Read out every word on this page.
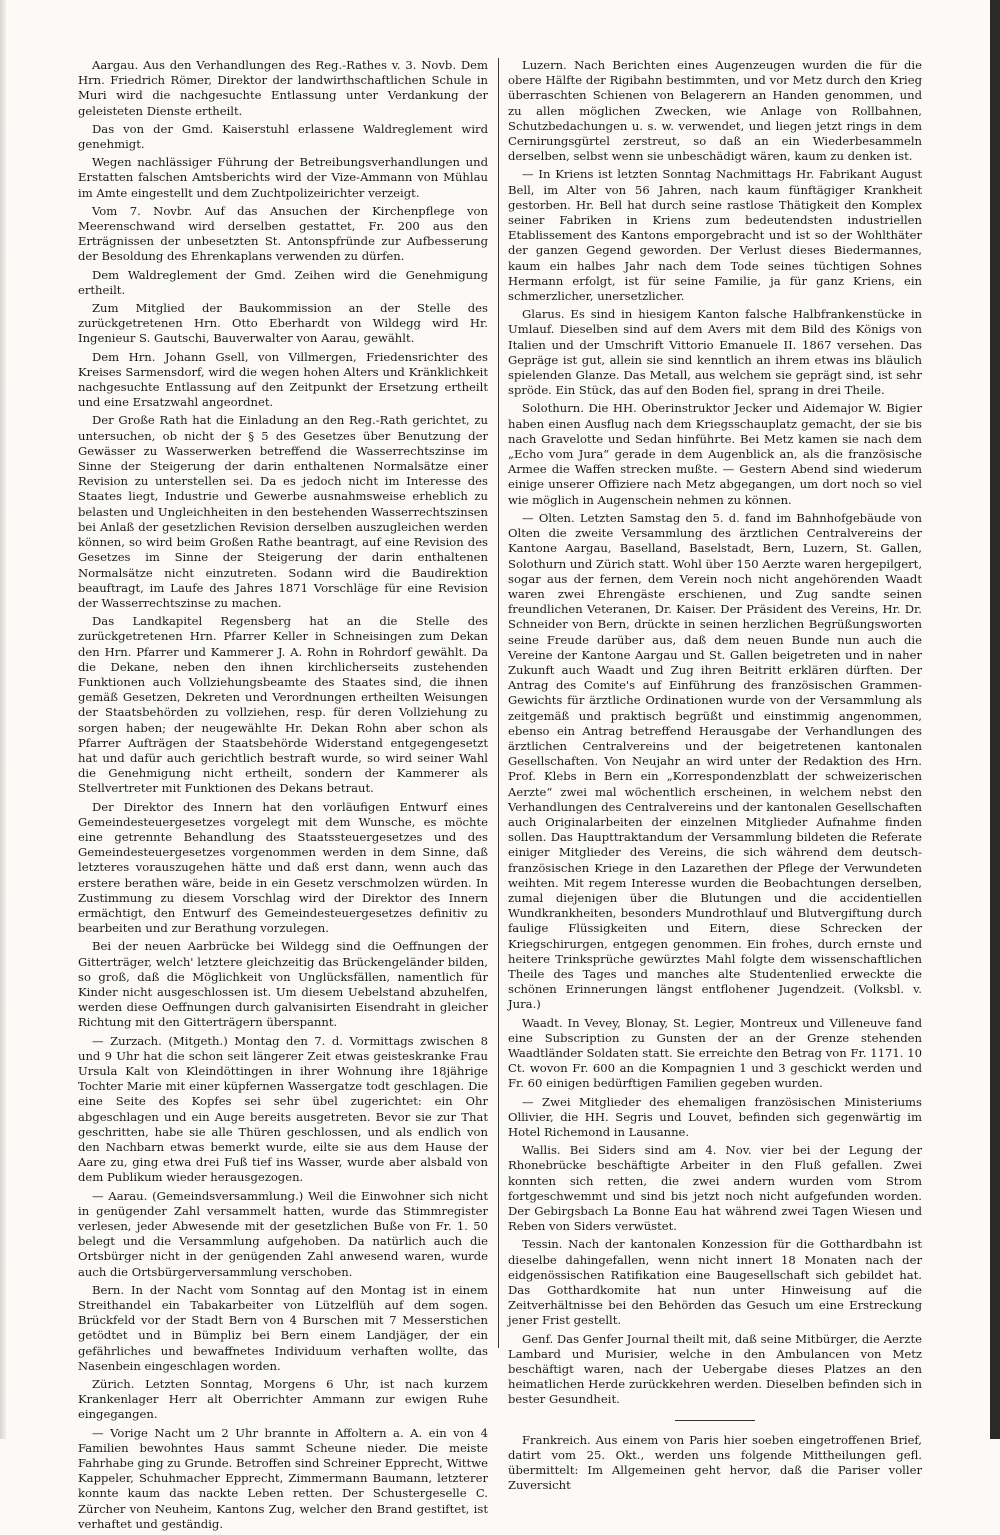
Aargau. Aus den Verhandlungen des Reg.-Rathes v. 3. Novb. Dem Hrn. Friedrich Römer, Direktor der landwirthschaftlichen Schule in Muri wird die nachgesuchte Entlassung unter Verdankung der geleisteten Dienste ertheilt.

Das von der Gmd. Kaiserstuhl erlassene Waldreglement wird genehmigt.

Wegen nachlässiger Führung der Betreibungsverhandlungen und Erstatten falschen Amtsberichts wird der Vize-Ammann von Mühlau im Amte eingestellt und dem Zuchtpolizeirichter verzeigt.

Vom 7. Novbr. Auf das Ansuchen der Kirchenpflege von Meerenschwand wird derselben gestattet, Fr. 200 aus den Erträgnissen der unbesetzten St. Antonspfründe zur Aufbesserung der Besoldung des Ehrenkaplans verwenden zu dürfen.

Dem Waldreglement der Gmd. Zeihen wird die Genehmigung ertheilt.

Zum Mitglied der Baukommission an der Stelle des zurückgetretenen Hrn. Otto Eberhardt von Wildegg wird Hr. Ingenieur S. Gautschi, Bauverwalter von Aarau, gewählt.

Dem Hrn. Johann Gsell, von Villmergen, Friedensrichter des Kreises Sarmensdorf, wird die wegen hohen Alters und Kränklichkeit nachgesuchte Entlassung auf den Zeitpunkt der Ersetzung ertheilt und eine Ersatzwahl angeordnet.

Der Große Rath hat die Einladung an den Reg.-Rath gerichtet, zu untersuchen, ob nicht der § 5 des Gesetzes über Benutzung der Gewässer zu Wasserwerken betreffend die Wasserrechtszinse im Sinne der Steigerung der darin enthaltenen Normalsätze einer Revision zu unterstellen sei. Da es jedoch nicht im Interesse des Staates liegt, Industrie und Gewerbe ausnahmsweise erheblich zu belasten und Ungleichheiten in den bestehenden Wasserrechtszinsen bei Anlaß der gesetzlichen Revision derselben auszugleichen werden können, so wird beim Großen Rathe beantragt, auf eine Revision des Gesetzes im Sinne der Steigerung der darin enthaltenen Normalsätze nicht einzutreten. Sodann wird die Baudirektion beauftragt, im Laufe des Jahres 1871 Vorschläge für eine Revision der Wasserrechtszinse zu machen.

Das Landkapitel Regensberg hat an die Stelle des zurückgetretenen Hrn. Pfarrer Keller in Schneisingen zum Dekan den Hrn. Pfarrer und Kammerer J. A. Rohn in Rohrdorf gewählt. Da die Dekane, neben den ihnen kirchlicherseits zustehenden Funktionen auch Vollziehungsbeamte des Staates sind, die ihnen gemäß Gesetzen, Dekreten und Verordnungen ertheilten Weisungen der Staatsbehörden zu vollziehen, resp. für deren Vollziehung zu sorgen haben; der neugewählte Hr. Dekan Rohn aber schon als Pfarrer Aufträgen der Staatsbehörde Widerstand entgegengesetzt hat und dafür auch gerichtlich bestraft wurde, so wird seiner Wahl die Genehmigung nicht ertheilt, sondern der Kammerer als Stellvertreter mit Funktionen des Dekans betraut.

Der Direktor des Innern hat den vorläufigen Entwurf eines Gemeindesteuergesetzes vorgelegt mit dem Wunsche, es möchte eine getrennte Behandlung des Staatssteuergesetzes und des Gemeindesteuergesetzes vorgenommen werden in dem Sinne, daß letzteres vorauszugehen hätte und daß erst dann, wenn auch das erstere berathen wäre, beide in ein Gesetz verschmolzen würden. In Zustimmung zu diesem Vorschlag wird der Direktor des Innern ermächtigt, den Entwurf des Gemeindesteuergesetzes definitiv zu bearbeiten und zur Berathung vorzulegen.

Bei der neuen Aarbrücke bei Wildegg sind die Oeffnungen der Gitterträger, welch' letztere gleichzeitig das Brückengeländer bilden, so groß, daß die Möglichkeit von Unglücksfällen, namentlich für Kinder nicht ausgeschlossen ist. Um diesem Uebelstand abzuhelfen, werden diese Oeffnungen durch galvanisirten Eisendraht in gleicher Richtung mit den Gitterträgern überspannt.

— Zurzach. (Mitgeth.) Montag den 7. d. Vormittags zwischen 8 und 9 Uhr hat die schon seit längerer Zeit etwas geisteskranke Frau Ursula Kalt von Kleindöttingen in ihrer Wohnung ihre 18jährige Tochter Marie mit einer küpfernen Wassergatze todt geschlagen. Die eine Seite des Kopfes sei sehr übel zugerichtet: ein Ohr abgeschlagen und ein Auge bereits ausgetreten. Bevor sie zur That geschritten, habe sie alle Thüren geschlossen, und als endlich von den Nachbarn etwas bemerkt wurde, eilte sie aus dem Hause der Aare zu, ging etwa drei Fuß tief ins Wasser, wurde aber alsbald von dem Publikum wieder herausgezogen.

— Aarau. (Gemeindsversammlung.) Weil die Einwohner sich nicht in genügender Zahl versammelt hatten, wurde das Stimmregister verlesen, jeder Abwesende mit der gesetzlichen Buße von Fr. 1. 50 belegt und die Versammlung aufgehoben. Da natürlich auch die Ortsbürger nicht in der genügenden Zahl anwesend waren, wurde auch die Ortsbürgerversammlung verschoben.

Bern. In der Nacht vom Sonntag auf den Montag ist in einem Streithandel ein Tabakarbeiter von Lützelflüh auf dem sogen. Brückfeld vor der Stadt Bern von 4 Burschen mit 7 Messerstichen getödtet und in Bümpliz bei Bern einem Landjäger, der ein gefährliches und bewaffnetes Individuum verhaften wollte, das Nasenbein eingeschlagen worden.

Zürich. Letzten Sonntag, Morgens 6 Uhr, ist nach kurzem Krankenlager Herr alt Oberrichter Ammann zur ewigen Ruhe eingegangen.

— Vorige Nacht um 2 Uhr brannte in Affoltern a. A. ein von 4 Familien bewohntes Haus sammt Scheune nieder. Die meiste Fahrhabe ging zu Grunde. Betroffen sind Schreiner Epprecht, Wittwe Kappeler, Schuhmacher Epprecht, Zimmermann Baumann, letzterer konnte kaum das nackte Leben retten. Der Schustergeselle C. Zürcher von Neuheim, Kantons Zug, welcher den Brand gestiftet, ist verhaftet und geständig.

Luzern. Nach Berichten eines Augenzeugen wurden die für die obere Hälfte der Rigibahn bestimmten, und vor Metz durch den Krieg überraschten Schienen von Belagerern an Handen genommen, und zu allen möglichen Zwecken, wie Anlage von Rollbahnen, Schutzbedachungen u. s. w. verwendet, und liegen jetzt rings in dem Cernirungsgürtel zerstreut, so daß an ein Wiederbesammeln derselben, selbst wenn sie unbeschädigt wären, kaum zu denken ist.

— In Kriens ist letzten Sonntag Nachmittags Hr. Fabrikant August Bell, im Alter von 56 Jahren, nach kaum fünftägiger Krankheit gestorben. Hr. Bell hat durch seine rastlose Thätigkeit den Komplex seiner Fabriken in Kriens zum bedeutendsten industriellen Etablissement des Kantons emporgebracht und ist so der Wohlthäter der ganzen Gegend geworden. Der Verlust dieses Biedermannes, kaum ein halbes Jahr nach dem Tode seines tüchtigen Sohnes Hermann erfolgt, ist für seine Familie, ja für ganz Kriens, ein schmerzlicher, unersetzlicher.

Glarus. Es sind in hiesigem Kanton falsche Halbfrankenstücke in Umlauf. Dieselben sind auf dem Avers mit dem Bild des Königs von Italien und der Umschrift Vittorio Emanuele II. 1867 versehen. Das Gepräge ist gut, allein sie sind kenntlich an ihrem etwas ins bläulich spielenden Glanze. Das Metall, aus welchem sie geprägt sind, ist sehr spröde. Ein Stück, das auf den Boden fiel, sprang in drei Theile.

Solothurn. Die HH. Oberinstruktor Jecker und Aidemajor W. Bigier haben einen Ausflug nach dem Kriegsschauplatz gemacht, der sie bis nach Gravelotte und Sedan hinführte. Bei Metz kamen sie nach dem „Echo vom Jura“ gerade in dem Augenblick an, als die französische Armee die Waffen strecken mußte. — Gestern Abend sind wiederum einige unserer Offiziere nach Metz abgegangen, um dort noch so viel wie möglich in Augenschein nehmen zu können.

— Olten. Letzten Samstag den 5. d. fand im Bahnhofgebäude von Olten die zweite Versammlung des ärztlichen Centralvereins der Kantone Aargau, Baselland, Baselstadt, Bern, Luzern, St. Gallen, Solothurn und Zürich statt. Wohl über 150 Aerzte waren hergepilgert, sogar aus der fernen, dem Verein noch nicht angehörenden Waadt waren zwei Ehrengäste erschienen, und Zug sandte seinen freundlichen Veteranen, Dr. Kaiser. Der Präsident des Vereins, Hr. Dr. Schneider von Bern, drückte in seinen herzlichen Begrüßungsworten seine Freude darüber aus, daß dem neuen Bunde nun auch die Vereine der Kantone Aargau und St. Gallen beigetreten und in naher Zukunft auch Waadt und Zug ihren Beitritt erklären dürften. Der Antrag des Comite's auf Einführung des französischen Grammen-Gewichts für ärztliche Ordinationen wurde von der Versammlung als zeitgemäß und praktisch begrüßt und einstimmig angenommen, ebenso ein Antrag betreffend Herausgabe der Verhandlungen des ärztlichen Centralvereins und der beigetretenen kantonalen Gesellschaften. Von Neujahr an wird unter der Redaktion des Hrn. Prof. Klebs in Bern ein „Korrespondenzblatt der schweizerischen Aerzte“ zwei mal wöchentlich erscheinen, in welchem nebst den Verhandlungen des Centralvereins und der kantonalen Gesellschaften auch Originalarbeiten der einzelnen Mitglieder Aufnahme finden sollen. Das Haupttraktandum der Versammlung bildeten die Referate einiger Mitglieder des Vereins, die sich während dem deutsch-französischen Kriege in den Lazarethen der Pflege der Verwundeten weihten. Mit regem Interesse wurden die Beobachtungen derselben, zumal diejenigen über die Blutungen und die accidentiellen Wundkrankheiten, besonders Mundrothlauf und Blutvergiftung durch faulige Flüssigkeiten und Eitern, diese Schrecken der Kriegschirurgen, entgegen genommen. Ein frohes, durch ernste und heitere Trinksprüche gewürztes Mahl folgte dem wissenschaftlichen Theile des Tages und manches alte Studentenlied erweckte die schönen Erinnerungen längst entflohener Jugendzeit. (Volksbl. v. Jura.)

Waadt. In Vevey, Blonay, St. Legier, Montreux und Villeneuve fand eine Subscription zu Gunsten der an der Grenze stehenden Waadtländer Soldaten statt. Sie erreichte den Betrag von Fr. 1171. 10 Ct. wovon Fr. 600 an die Kompagnien 1 und 3 geschickt werden und Fr. 60 einigen bedürftigen Familien gegeben wurden.

— Zwei Mitglieder des ehemaligen französischen Ministeriums Ollivier, die HH. Segris und Louvet, befinden sich gegenwärtig im Hotel Richemond in Lausanne.

Wallis. Bei Siders sind am 4. Nov. vier bei der Legung der Rhonebrücke beschäftigte Arbeiter in den Fluß gefallen. Zwei konnten sich retten, die zwei andern wurden vom Strom fortgeschwemmt und sind bis jetzt noch nicht aufgefunden worden. Der Gebirgsbach La Bonne Eau hat während zwei Tagen Wiesen und Reben von Siders verwüstet.

Tessin. Nach der kantonalen Konzession für die Gotthardbahn ist dieselbe dahingefallen, wenn nicht innert 18 Monaten nach der eidgenössischen Ratifikation eine Baugesellschaft sich gebildet hat. Das Gotthardkomite hat nun unter Hinweisung auf die Zeitverhältnisse bei den Behörden das Gesuch um eine Erstreckung jener Frist gestellt.

Genf. Das Genfer Journal theilt mit, daß seine Mitbürger, die Aerzte Lambard und Murisier, welche in den Ambulancen von Metz beschäftigt waren, nach der Uebergabe dieses Platzes an den heimatlichen Herde zurückkehren werden. Dieselben befinden sich in bester Gesundheit.

Frankreich. Aus einem von Paris hier soeben eingetroffenen Brief, datirt vom 25. Okt., werden uns folgende Mittheilungen gefl. übermittelt: Im Allgemeinen geht hervor, daß die Pariser voller Zuversicht
